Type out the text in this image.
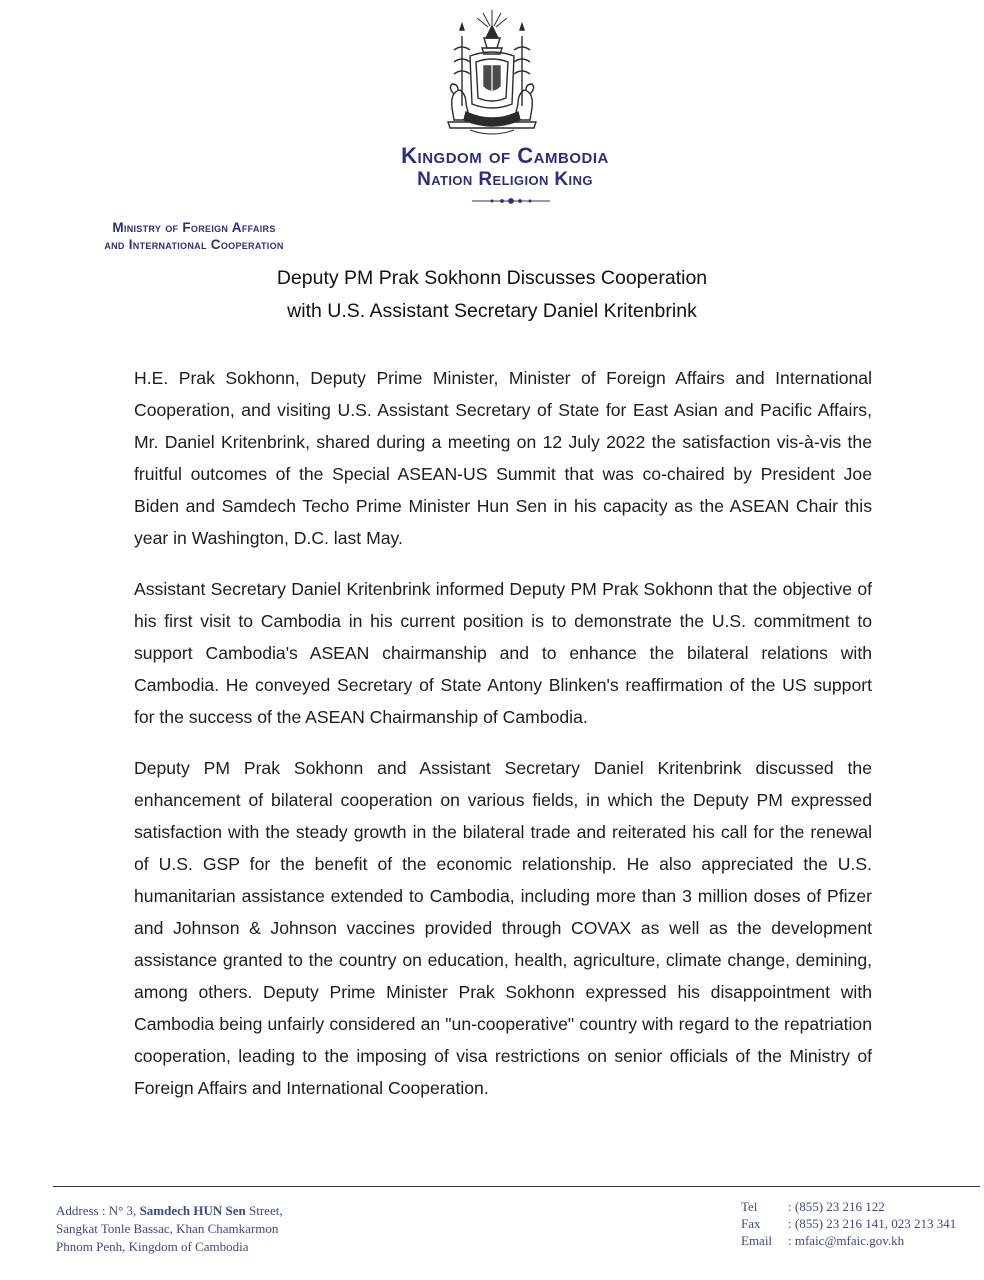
Kingdom of Cambodia
Nation Religion King
Ministry of Foreign Affairs
and International Cooperation
Deputy PM Prak Sokhonn Discusses Cooperation
with U.S. Assistant Secretary Daniel Kritenbrink

H.E. Prak Sokhonn, Deputy Prime Minister, Minister of Foreign Affairs and International Cooperation, and visiting U.S. Assistant Secretary of State for East Asian and Pacific Affairs, Mr. Daniel Kritenbrink, shared during a meeting on 12 July 2022 the satisfaction vis-à-vis the fruitful outcomes of the Special ASEAN-US Summit that was co-chaired by President Joe Biden and Samdech Techo Prime Minister Hun Sen in his capacity as the ASEAN Chair this year in Washington, D.C. last May.

Assistant Secretary Daniel Kritenbrink informed Deputy PM Prak Sokhonn that the objective of his first visit to Cambodia in his current position is to demonstrate the U.S. commitment to support Cambodia's ASEAN chairmanship and to enhance the bilateral relations with Cambodia. He conveyed Secretary of State Antony Blinken's reaffirmation of the US support for the success of the ASEAN Chairmanship of Cambodia.

Deputy PM Prak Sokhonn and Assistant Secretary Daniel Kritenbrink discussed the enhancement of bilateral cooperation on various fields, in which the Deputy PM expressed satisfaction with the steady growth in the bilateral trade and reiterated his call for the renewal of U.S. GSP for the benefit of the economic relationship. He also appreciated the U.S. humanitarian assistance extended to Cambodia, including more than 3 million doses of Pfizer and Johnson & Johnson vaccines provided through COVAX as well as the development assistance granted to the country on education, health, agriculture, climate change, demining, among others. Deputy Prime Minister Prak Sokhonn expressed his disappointment with Cambodia being unfairly considered an "un-cooperative" country with regard to the repatriation cooperation, leading to the imposing of visa restrictions on senior officials of the Ministry of Foreign Affairs and International Cooperation.

Address : N° 3, Samdech HUN Sen Street,
Sangkat Tonle Bassac, Khan Chamkarmon
Phnom Penh, Kingdom of Cambodia
Tel	: (855) 23 216 122
Fax	: (855) 23 216 141, 023 213 341
Email	: mfaic@mfaic.gov.kh
